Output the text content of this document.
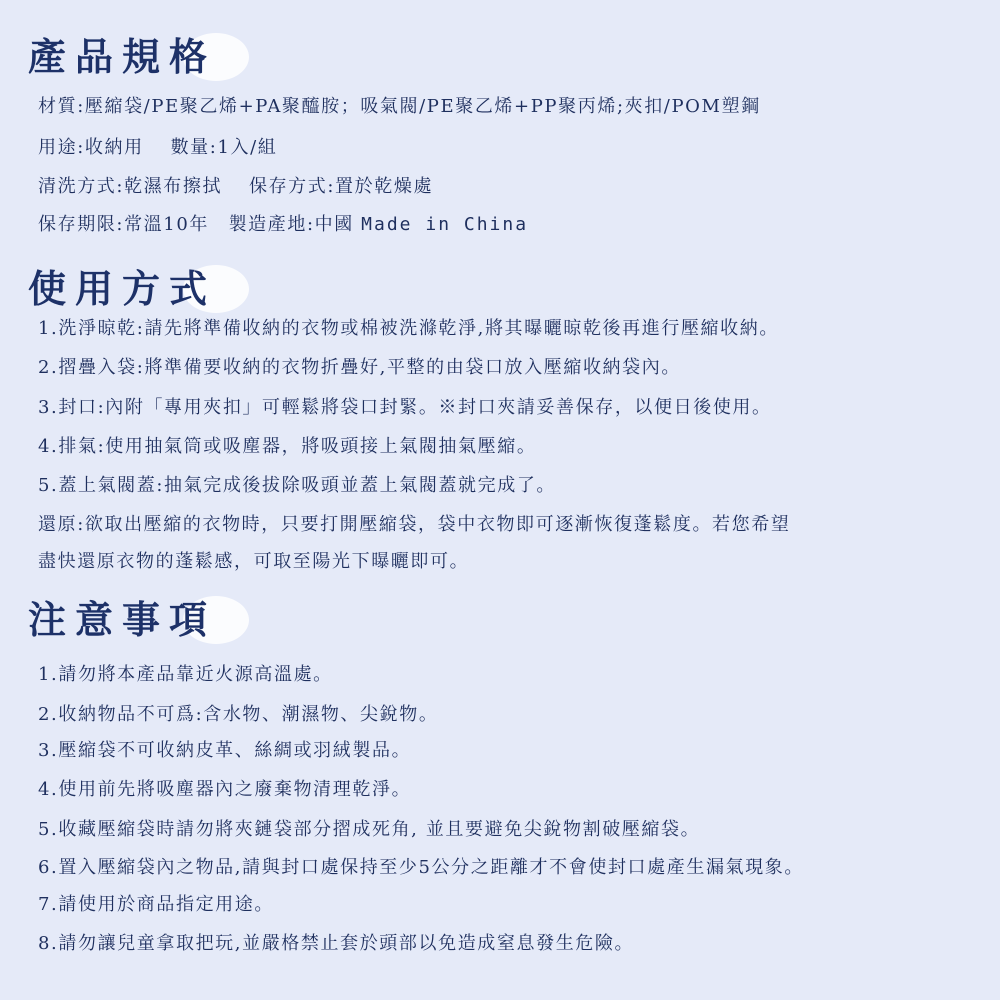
產品規格
材質:壓縮袋/PE聚乙烯+PA聚醯胺；吸氣閥/PE聚乙烯+PP聚丙烯;夾扣/POM塑鋼
用途:收納用　 數量:1入/組
清洗方式:乾濕布擦拭　 保存方式:置於乾燥處
保存期限:常溫10年　製造產地:中國 Made in China
使用方式
1.洗淨晾乾:請先將準備收納的衣物或棉被洗滌乾淨,將其曝曬晾乾後再進行壓縮收納。
2.摺疊入袋:將準備要收納的衣物折疊好,平整的由袋口放入壓縮收納袋內。
3.封口:內附「專用夾扣」可輕鬆將袋口封緊。※封口夾請妥善保存，以便日後使用。
4.排氣:使用抽氣筒或吸塵器，將吸頭接上氣閥抽氣壓縮。
5.蓋上氣閥蓋:抽氣完成後拔除吸頭並蓋上氣閥蓋就完成了。
還原:欲取出壓縮的衣物時，只要打開壓縮袋，袋中衣物即可逐漸恢復蓬鬆度。若您希望
盡快還原衣物的蓬鬆感，可取至陽光下曝曬即可。
注意事項
1.請勿將本產品靠近火源高溫處。
2.收納物品不可爲:含水物、潮濕物、尖銳物。
3.壓縮袋不可收納皮革、絲綢或羽絨製品。
4.使用前先將吸塵器內之廢棄物清理乾淨。
5.收藏壓縮袋時請勿將夾鏈袋部分摺成死角, 並且要避免尖銳物割破壓縮袋。
6.置入壓縮袋內之物品,請與封口處保持至少5公分之距離才不會使封口處產生漏氣現象。
7.請使用於商品指定用途。
8.請勿讓兒童拿取把玩,並嚴格禁止套於頭部以免造成窒息發生危險。
